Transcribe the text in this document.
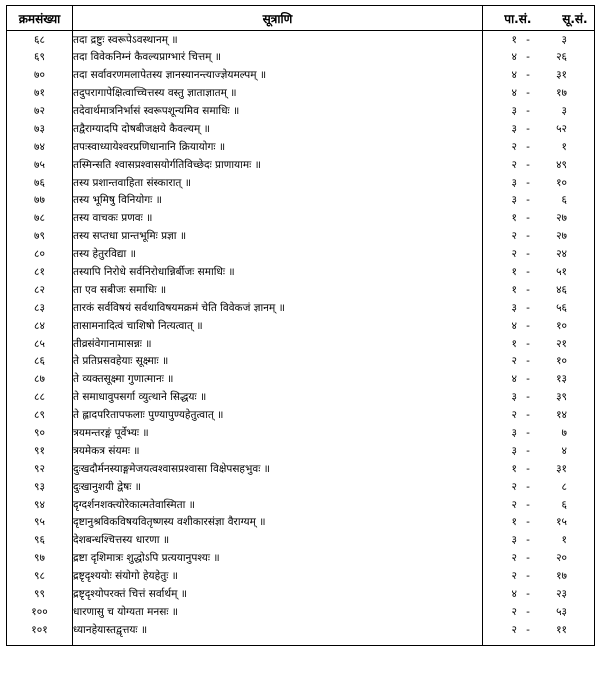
क्रमसंख्या	सूत्राणि	पा.सं. सू.सं.
६८	तदा द्रष्टुः स्वरूपेऽवस्थानम् ॥	१ - ३
६९	तदा विवेकनिम्नं कैवल्यप्राग्भारं चित्तम् ॥	४ - २६
७०	तदा सर्वावरणमलापेतस्य ज्ञानस्यानन्त्याज्ज्ञेयमल्पम् ॥	४ - ३१
७१	तदुपरागापेक्षित्वाच्चित्तस्य वस्तु ज्ञाताज्ञातम् ॥	४ - १७
७२	तदेवार्थमात्रनिर्भासं स्वरूपशून्यमिव समाधिः ॥	३ - ३
७३	तद्वैराग्यादपि दोषबीजक्षये कैवल्यम् ॥	३ - ५२
७४	तपःस्वाध्यायेश्वरप्रणिधानानि क्रियायोगः ॥	२ - १
७५	तस्मिन्सति श्वासप्रश्वासयोर्गतिविच्छेदः प्राणायामः ॥	२ - ४९
७६	तस्य प्रशान्तवाहिता संस्कारात् ॥	३ - १०
७७	तस्य भूमिषु विनियोगः ॥	३ - ६
७८	तस्य वाचकः प्रणवः ॥	१ - २७
७९	तस्य सप्तधा प्रान्तभूमिः प्रज्ञा ॥	२ - २७
८०	तस्य हेतुरविद्या ॥	२ - २४
८१	तस्यापि निरोधे सर्वनिरोधान्निर्बीजः समाधिः ॥	१ - ५१
८२	ता एव सबीजः समाधिः ॥	१ - ४६
८३	तारकं सर्वविषयं सर्वथाविषयमक्रमं चेति विवेकजं ज्ञानम् ॥	३ - ५६
८४	तासामनादित्वं चाशिषो नित्यत्वात् ॥	४ - १०
८५	तीव्रसंवेगानामासन्नः ॥	१ - २१
८६	ते प्रतिप्रसवहेयाः सूक्ष्माः ॥	२ - १०
८७	ते व्यक्तसूक्ष्मा गुणात्मानः ॥	४ - १३
८८	ते समाधावुपसर्गा व्युत्थाने सिद्धयः ॥	३ - ३९
८९	ते ह्लादपरितापफलाः पुण्यापुण्यहेतुत्वात् ॥	२ - १४
९०	त्रयमन्तरङ्गं पूर्वेभ्यः ॥	३ - ७
९१	त्रयमेकत्र संयमः ॥	३ - ४
९२	दुःखदौर्मनस्याङ्गमेजयत्वश्वासप्रश्वासा विक्षेपसहभुवः ॥	१ - ३१
९३	दुःखानुशयी द्वेषः ॥	२ - ८
९४	दृग्दर्शनशक्त्योरेकात्मतेवास्मिता ॥	२ - ६
९५	दृष्टानुश्रविकविषयवितृष्णस्य वशीकारसंज्ञा वैराग्यम् ॥	१ - १५
९६	देशबन्धश्चित्तस्य धारणा ॥	३ - १
९७	द्रष्टा दृशिमात्रः शुद्धोऽपि प्रत्ययानुपश्यः ॥	२ - २०
९८	द्रष्टृदृश्ययोः संयोगो हेयहेतुः ॥	२ - १७
९९	द्रष्टृदृश्योपरक्तं चित्तं सर्वार्थम् ॥	४ - २३
१००	धारणासु च योग्यता मनसः ॥	२ - ५३
१०१	ध्यानहेयास्तद्वृत्तयः ॥	२ - ११
